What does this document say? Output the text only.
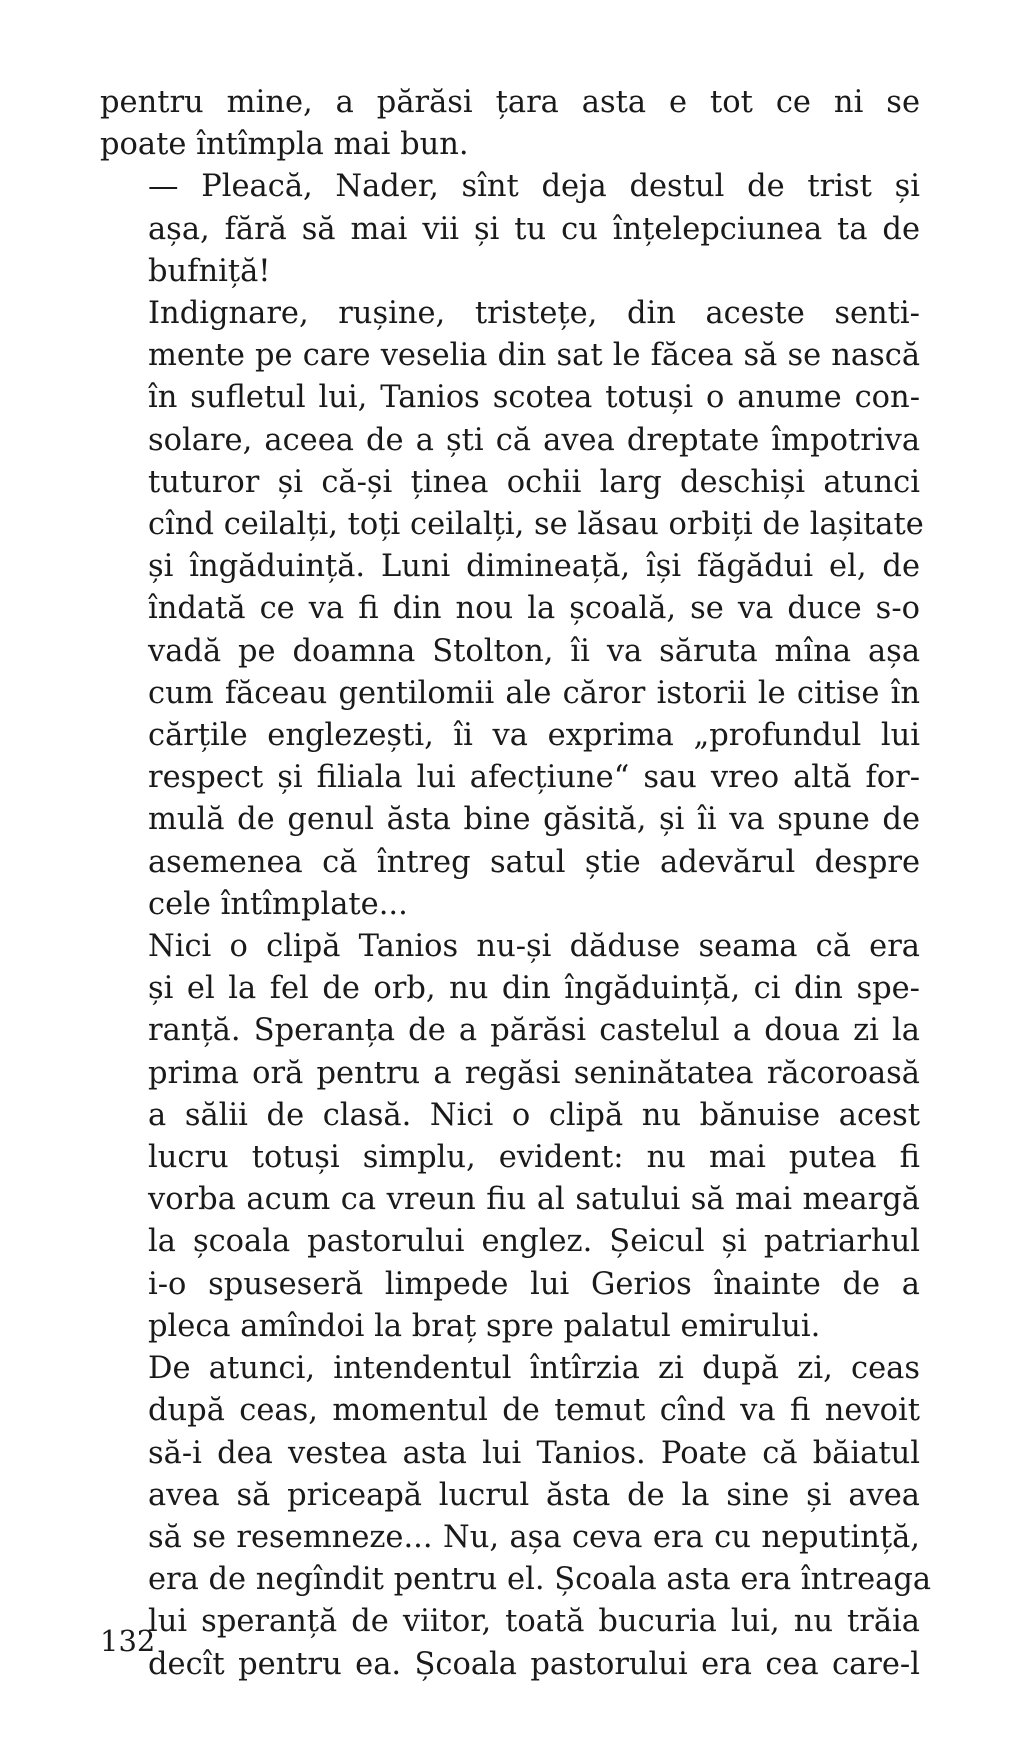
pentru mine, a părăsi țara asta e tot ce ni se
poate întîmpla mai bun.
— Pleacă, Nader, sînt deja destul de trist și
așa, fără să mai vii și tu cu înțelepciunea ta de
bufniță!
Indignare, rușine, tristețe, din aceste senti-
mente pe care veselia din sat le făcea să se nască
în sufletul lui, Tanios scotea totuși o anume con-
solare, aceea de a ști că avea dreptate împotriva
tuturor și că-și ținea ochii larg deschiși atunci
cînd ceilalți, toți ceilalți, se lăsau orbiți de lașitate
și îngăduință. Luni dimineață, își făgădui el, de
îndată ce va fi din nou la școală, se va duce s-o
vadă pe doamna Stolton, îi va săruta mîna așa
cum făceau gentilomii ale căror istorii le citise în
cărțile englezești, îi va exprima „profundul lui
respect și filiala lui afecțiune“ sau vreo altă for-
mulă de genul ăsta bine găsită, și îi va spune de
asemenea că întreg satul știe adevărul despre
cele întîmplate...
Nici o clipă Tanios nu-și dăduse seama că era
și el la fel de orb, nu din îngăduință, ci din spe-
ranță. Speranța de a părăsi castelul a doua zi la
prima oră pentru a regăsi seninătatea răcoroasă
a sălii de clasă. Nici o clipă nu bănuise acest
lucru totuși simplu, evident: nu mai putea fi
vorba acum ca vreun fiu al satului să mai meargă
la școala pastorului englez. Șeicul și patriarhul
i-o spuseseră limpede lui Gerios înainte de a
pleca amîndoi la braț spre palatul emirului.
De atunci, intendentul întîrzia zi după zi, ceas
după ceas, momentul de temut cînd va fi nevoit
să-i dea vestea asta lui Tanios. Poate că băiatul
avea să priceapă lucrul ăsta de la sine și avea
să se resemneze... Nu, așa ceva era cu neputință,
era de negîndit pentru el. Școala asta era întreaga
lui speranță de viitor, toată bucuria lui, nu trăia
decît pentru ea. Școala pastorului era cea care-l
132
